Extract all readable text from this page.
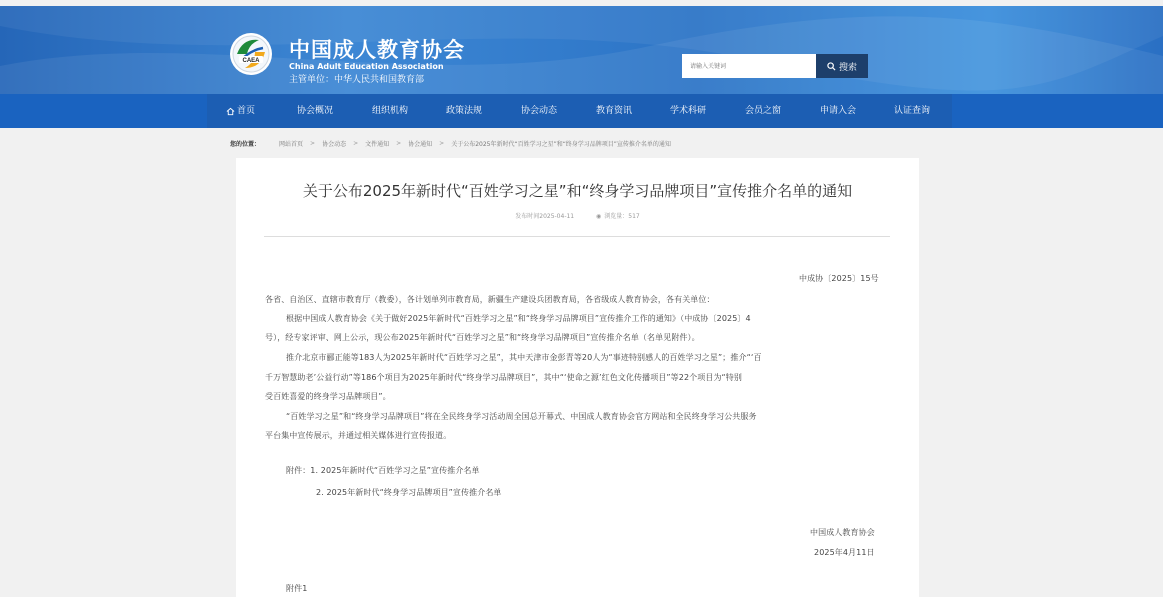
CAEA 中国成人教育协会
China Adult Education Association
主管单位：中华人民共和国教育部
请输入关键词
搜索
首页	协会概况	组织机构	政策法规	协会动态	教育资讯	学术科研	会员之窗	申请入会	认证查询
您的位置：	网站首页 > 协会动态 > 文件通知 > 协会通知 > 关于公布2025年新时代“百姓学习之星”和“终身学习品牌项目”宣传推介名单的通知
关于公布2025年新时代“百姓学习之星”和“终身学习品牌项目”宣传推介名单的通知
发布时间2025-04-11	◉ 浏览量：517
中成协〔2025〕15号
各省、自治区、直辖市教育厅（教委），各计划单列市教育局，新疆生产建设兵团教育局，各省级成人教育协会，各有关单位：
根据中国成人教育协会《关于做好2025年新时代“百姓学习之星”和“终身学习品牌项目”宣传推介工作的通知》（中成协〔2025〕4
号），经专家评审、网上公示，现公布2025年新时代“百姓学习之星”和“终身学习品牌项目”宣传推介名单（名单见附件）。
推介北京市郦正能等183人为2025年新时代“百姓学习之星”，其中天津市金彭青等20人为“事迹特别感人的百姓学习之星”；推介“‘百
千万智慧助老’公益行动”等186个项目为2025年新时代“终身学习品牌项目”，其中“‘使命之源’红色文化传播项目”等22个项目为“特别
受百姓喜爱的终身学习品牌项目”。
“百姓学习之星”和“终身学习品牌项目”将在全民终身学习活动周全国总开幕式、中国成人教育协会官方网站和全民终身学习公共服务
平台集中宣传展示，并通过相关媒体进行宣传报道。
附件：1. 2025年新时代“百姓学习之星”宣传推介名单
2. 2025年新时代“终身学习品牌项目”宣传推介名单
中国成人教育协会
2025年4月11日
附件1
